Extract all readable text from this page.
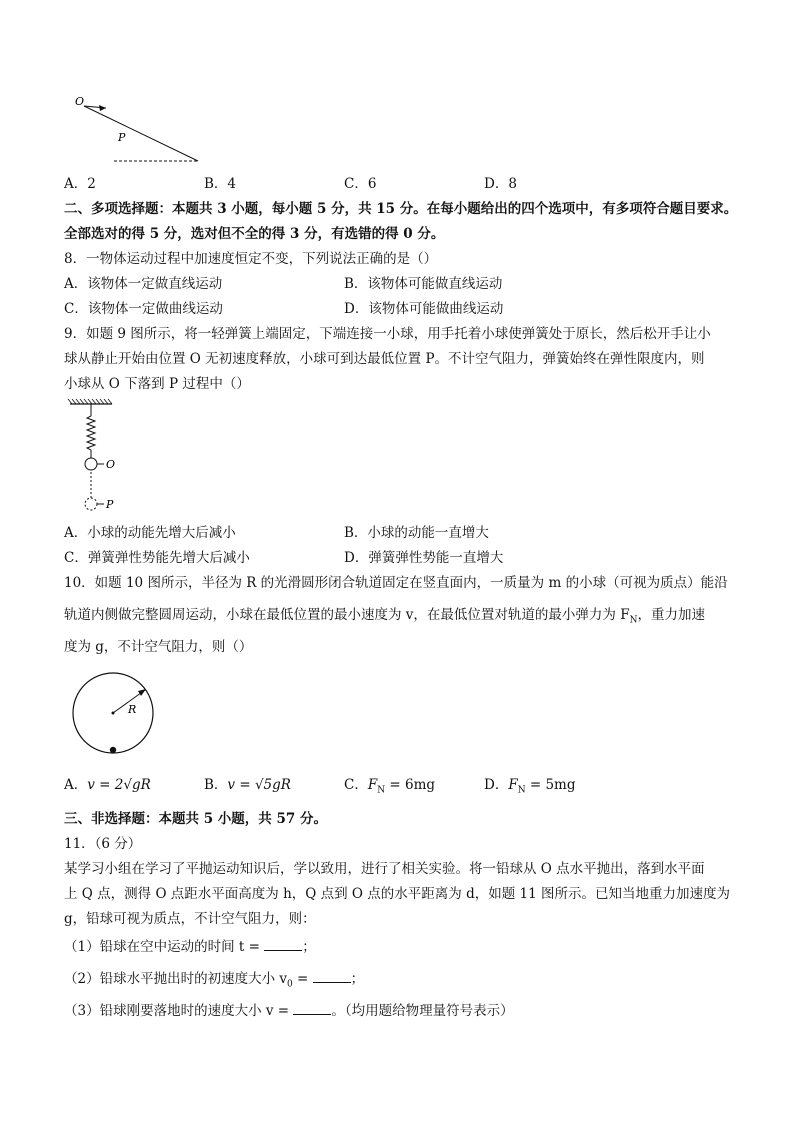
O
P
A．2	B．4	C．6	D．8
二、多项选择题：本题共 3 小题，每小题 5 分，共 15 分。在每小题给出的四个选项中，有多项符合题目要求。
全部选对的得 5 分，选对但不全的得 3 分，有选错的得 0 分。
8．一物体运动过程中加速度恒定不变，下列说法正确的是（）
A．该物体一定做直线运动	B．该物体可能做直线运动
C．该物体一定做曲线运动	D．该物体可能做曲线运动
9．如题 9 图所示，将一轻弹簧上端固定，下端连接一小球，用手托着小球使弹簧处于原长，然后松开手让小
球从静止开始由位置 O 无初速度释放，小球可到达最低位置 P。不计空气阻力，弹簧始终在弹性限度内，则
小球从 O 下落到 P 过程中（）
O
P
A．小球的动能先增大后减小	B．小球的动能一直增大
C．弹簧弹性势能先增大后减小	D．弹簧弹性势能一直增大
10．如题 10 图所示，半径为 R 的光滑圆形闭合轨道固定在竖直面内，一质量为 m 的小球（可视为质点）能沿
轨道内侧做完整圆周运动，小球在最低位置的最小速度为 v，在最低位置对轨道的最小弹力为 $F_N$，重力加速
度为 g，不计空气阻力，则（）
R
A．v = 2√gR	B．v = √5gR	C．$F_N = 6mg$	D．$F_N = 5mg$
三、非选择题：本题共 5 小题，共 57 分。
11．（6 分）
某学习小组在学习了平抛运动知识后，学以致用，进行了相关实验。将一铅球从 O 点水平抛出，落到水平面
上 Q 点，测得 O 点距水平面高度为 h，Q 点到 O 点的水平距离为 d，如题 11 图所示。已知当地重力加速度为
g，铅球可视为质点，不计空气阻力，则：
（1）铅球在空中运动的时间 t =	；
（2）铅球水平抛出时的初速度大小 $v_0$ =	；
（3）铅球刚要落地时的速度大小 v =	。（均用题给物理量符号表示）
